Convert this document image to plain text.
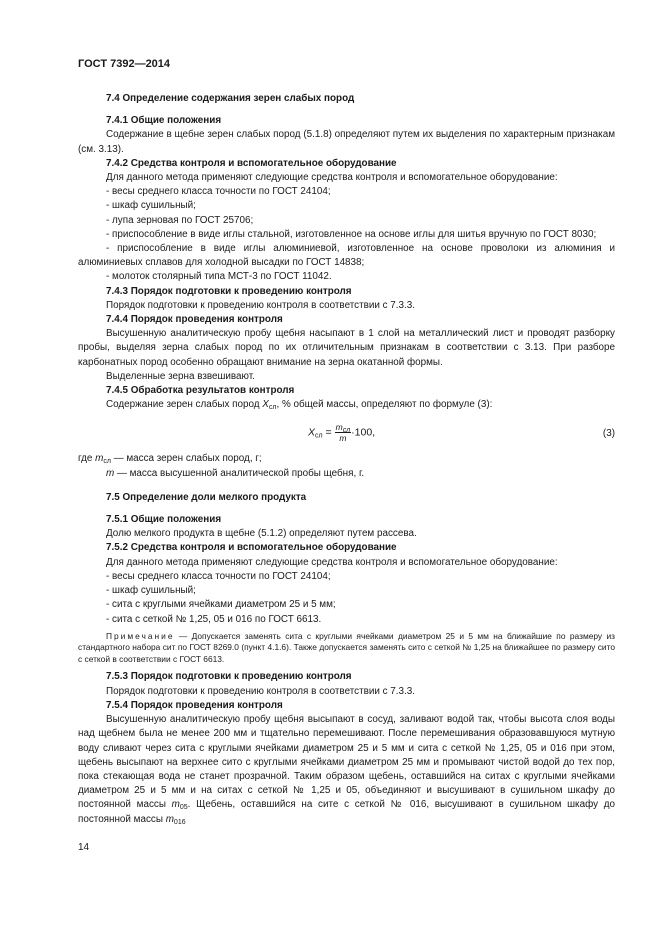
ГОСТ 7392—2014
7.4 Определение содержания зерен слабых пород
7.4.1 Общие положения
Содержание в щебне зерен слабых пород (5.1.8) определяют путем их выделения по характерным признакам (см. 3.13).
7.4.2 Средства контроля и вспомогательное оборудование
Для данного метода применяют следующие средства контроля и вспомогательное оборудование:
- весы среднего класса точности по ГОСТ 24104;
- шкаф сушильный;
- лупа зерновая по ГОСТ 25706;
- приспособление в виде иглы стальной, изготовленное на основе иглы для шитья вручную по ГОСТ 8030;
- приспособление в виде иглы алюминиевой, изготовленное на основе проволоки из алюминия и алюминиевых сплавов для холодной высадки по ГОСТ 14838;
- молоток столярный типа МСТ-3 по ГОСТ 11042.
7.4.3 Порядок подготовки к проведению контроля
Порядок подготовки к проведению контроля в соответствии с 7.3.3.
7.4.4 Порядок проведения контроля
Высушенную аналитическую пробу щебня насыпают в 1 слой на металлический лист и проводят разборку пробы, выделяя зерна слабых пород по их отличительным признакам в соответствии с 3.13. При разборе карбонатных пород особенно обращают внимание на зерна окатанной формы.
Выделенные зерна взвешивают.
7.4.5 Обработка результатов контроля
Содержание зерен слабых пород $X_{сл}$, % общей массы, определяют по формуле (3):
$X_{сл} = \frac{m_{сл}}{m} \cdot 100$,	(3)
где $m_{сл}$ — масса зерен слабых пород, г;
m — масса высушенной аналитической пробы щебня, г.
7.5 Определение доли мелкого продукта
7.5.1 Общие положения
Долю мелкого продукта в щебне (5.1.2) определяют путем рассева.
7.5.2 Средства контроля и вспомогательное оборудование
Для данного метода применяют следующие средства контроля и вспомогательное оборудование:
- весы среднего класса точности по ГОСТ 24104;
- шкаф сушильный;
- сита с круглыми ячейками диаметром 25 и 5 мм;
- сита с сеткой № 1,25, 05 и 016 по ГОСТ 6613.
Примечание — Допускается заменять сита с круглыми ячейками диаметром 25 и 5 мм на ближайшие по размеру из стандартного набора сит по ГОСТ 8269.0 (пункт 4.1.6). Также допускается заменять сито с сеткой № 1,25 на ближайшее по размеру сито с сеткой в соответствии с ГОСТ 6613.
7.5.3 Порядок подготовки к проведению контроля
Порядок подготовки к проведению контроля в соответствии с 7.3.3.
7.5.4 Порядок проведения контроля
Высушенную аналитическую пробу щебня высыпают в сосуд, заливают водой так, чтобы высота слоя воды над щебнем была не менее 200 мм и тщательно перемешивают. После перемешивания образовавшуюся мутную воду сливают через сита с круглыми ячейками диаметром 25 и 5 мм и сита с сеткой № 1,25, 05 и 016 при этом, щебень высыпают на верхнее сито с круглыми ячейками диаметром 25 мм и промывают чистой водой до тех пор, пока стекающая вода не станет прозрачной. Таким образом щебень, оставшийся на ситах с круглыми ячейками диаметром 25 и 5 мм и на ситах с сеткой № 1,25 и 05, объединяют и высушивают в сушильном шкафу до постоянной массы $m_{05}$. Щебень, оставшийся на сите с сеткой № 016, высушивают в сушильном шкафу до постоянной массы $m_{016}$
14
